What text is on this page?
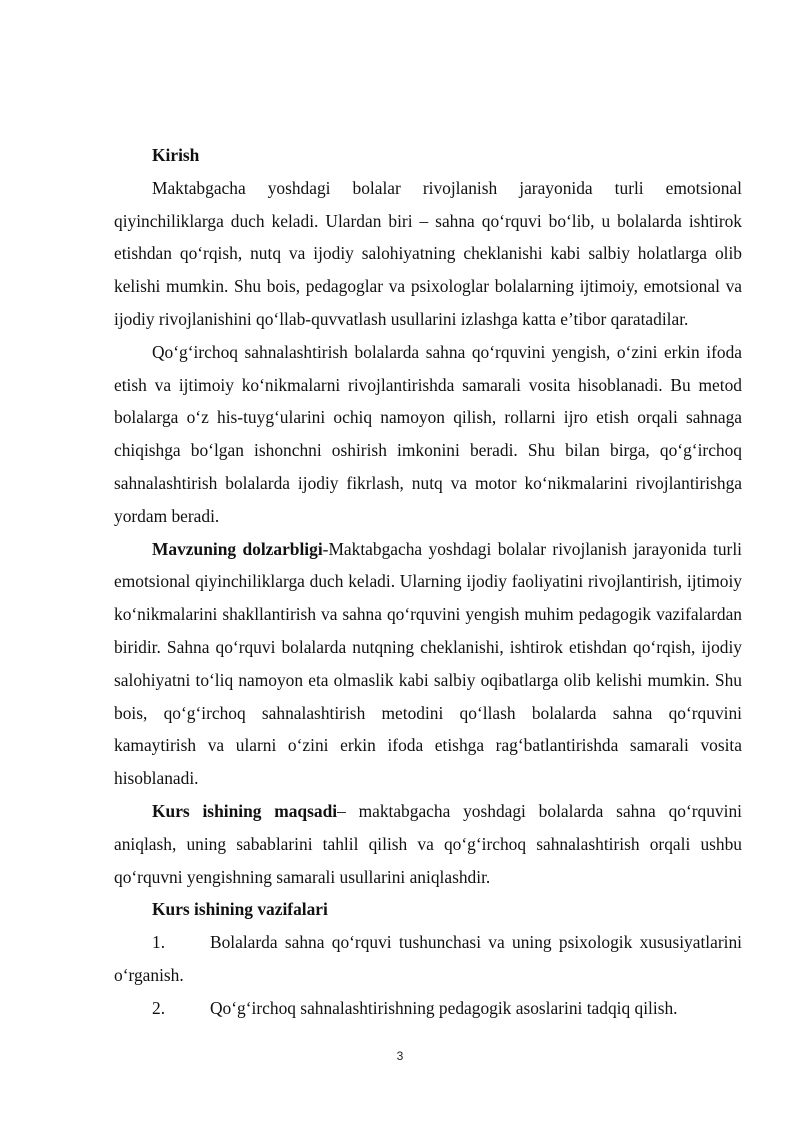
Kirish

Maktabgacha yoshdagi bolalar rivojlanish jarayonida turli emotsional qiyinchiliklarga duch keladi. Ulardan biri – sahna qo‘rquvi bo‘lib, u bolalarda ishtirok etishdan qo‘rqish, nutq va ijodiy salohiyatning cheklanishi kabi salbiy holatlarga olib kelishi mumkin. Shu bois, pedagoglar va psixologlar bolalarning ijtimoiy, emotsional va ijodiy rivojlanishini qo‘llab-quvvatlash usullarini izlashga katta e’tibor qaratadilar.

Qo‘g‘irchoq sahnalashtirish bolalarda sahna qo‘rquvini yengish, o‘zini erkin ifoda etish va ijtimoiy ko‘nikmalarni rivojlantirishda samarali vosita hisoblanadi. Bu metod bolalarga o‘z his-tuyg‘ularini ochiq namoyon qilish, rollarni ijro etish orqali sahnaga chiqishga bo‘lgan ishonchni oshirish imkonini beradi. Shu bilan birga, qo‘g‘irchoq sahnalashtirish bolalarda ijodiy fikrlash, nutq va motor ko‘nikmalarini rivojlantirishga yordam beradi.

Mavzuning dolzarbligi-Maktabgacha yoshdagi bolalar rivojlanish jarayonida turli emotsional qiyinchiliklarga duch keladi. Ularning ijodiy faoliyatini rivojlantirish, ijtimoiy ko‘nikmalarini shakllantirish va sahna qo‘rquvini yengish muhim pedagogik vazifalardan biridir. Sahna qo‘rquvi bolalarda nutqning cheklanishi, ishtirok etishdan qo‘rqish, ijodiy salohiyatni to‘liq namoyon eta olmaslik kabi salbiy oqibatlarga olib kelishi mumkin. Shu bois, qo‘g‘irchoq sahnalashtirish metodini qo‘llash bolalarda sahna qo‘rquvini kamaytirish va ularni o‘zini erkin ifoda etishga rag‘batlantirishda samarali vosita hisoblanadi.

Kurs ishining maqsadi– maktabgacha yoshdagi bolalarda sahna qo‘rquvini aniqlash, uning sabablarini tahlil qilish va qo‘g‘irchoq sahnalashtirish orqali ushbu qo‘rquvni yengishning samarali usullarini aniqlashdir.

Kurs ishining vazifalari

1.	Bolalarda sahna qo‘rquvi tushunchasi va uning psixologik xususiyatlarini o‘rganish.

2.	Qo‘g‘irchoq sahnalashtirishning pedagogik asoslarini tadqiq qilish.

3
